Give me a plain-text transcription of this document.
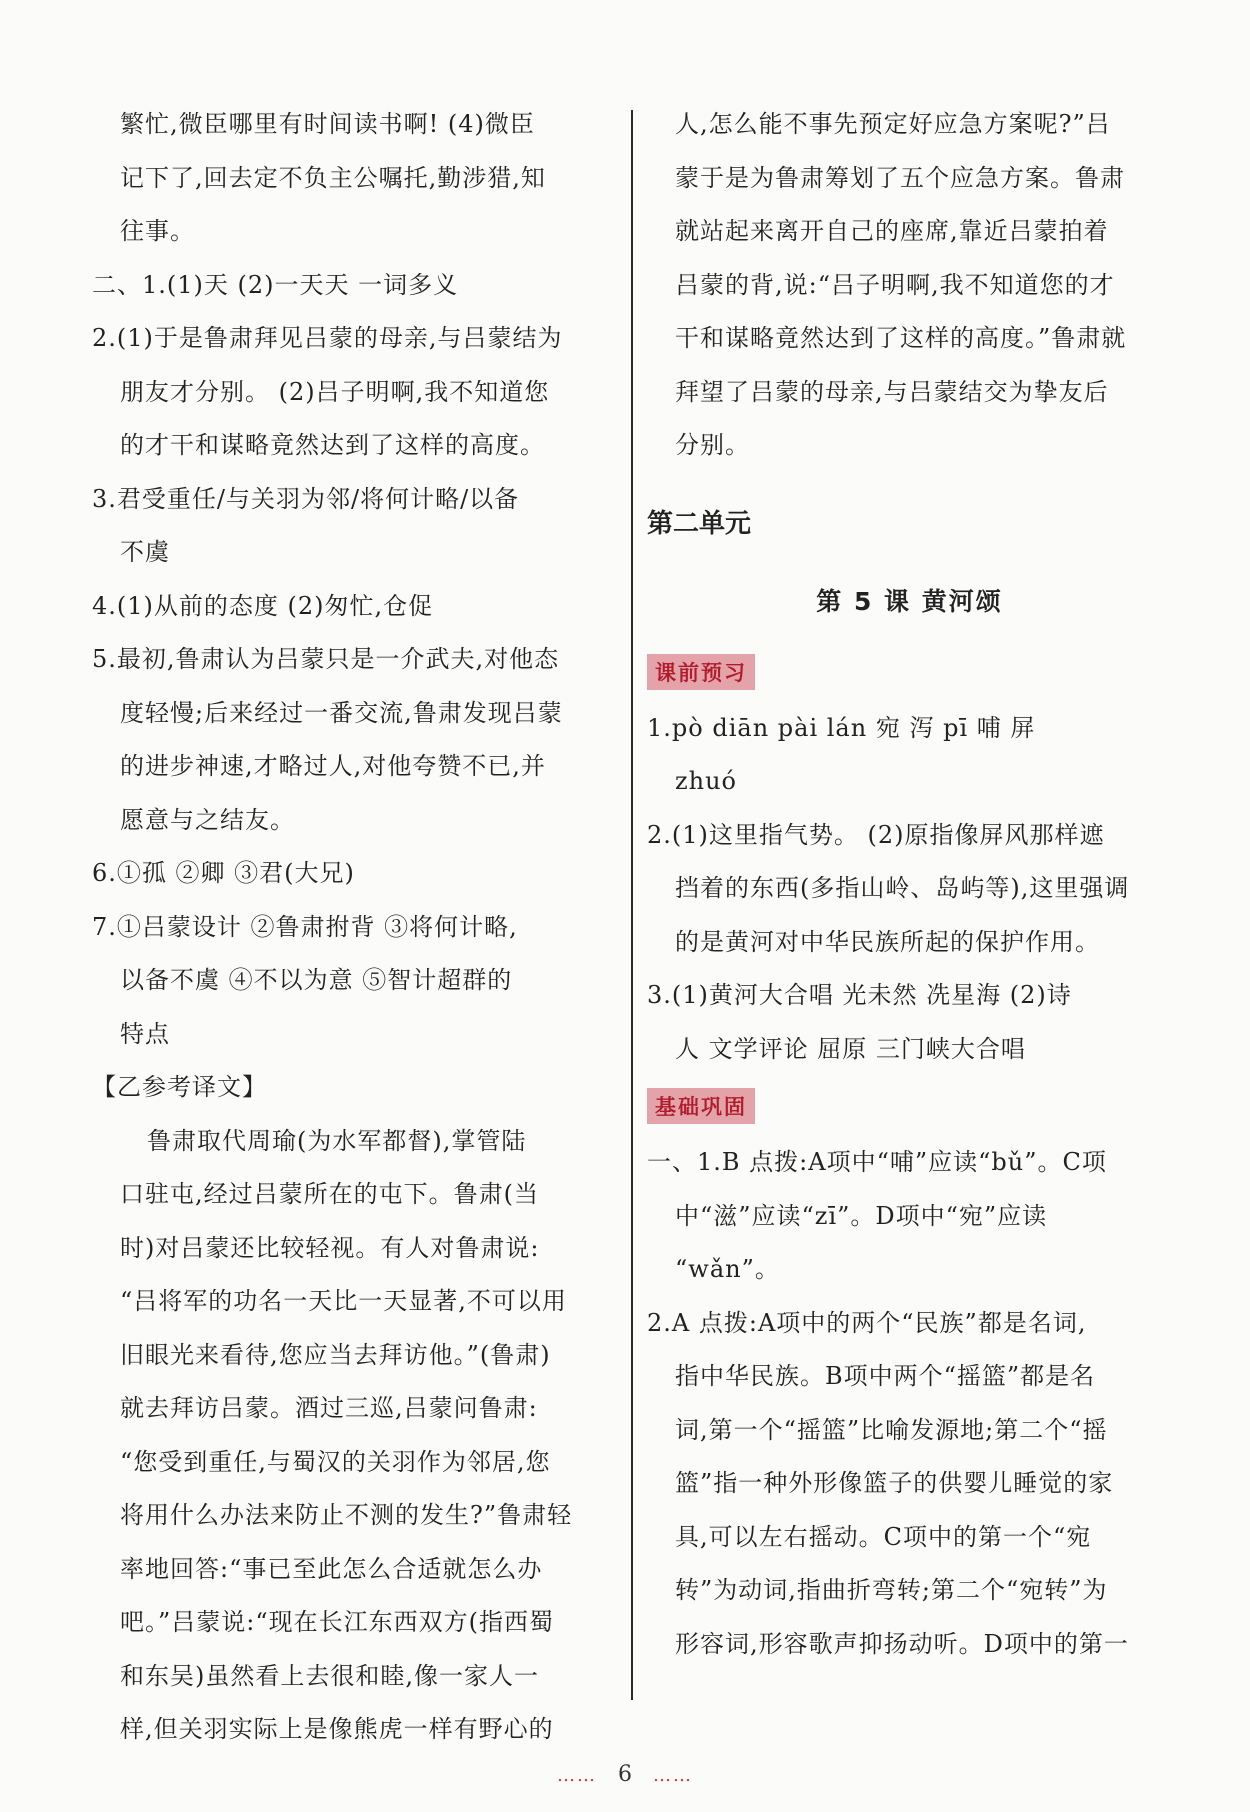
繁忙,微臣哪里有时间读书啊! (4)微臣
记下了,回去定不负主公嘱托,勤涉猎,知
往事。
二、1.(1)天 (2)一天天 一词多义
2.(1)于是鲁肃拜见吕蒙的母亲,与吕蒙结为
朋友才分别。 (2)吕子明啊,我不知道您
的才干和谋略竟然达到了这样的高度。
3.君受重任/与关羽为邻/将何计略/以备
不虞
4.(1)从前的态度 (2)匆忙,仓促
5.最初,鲁肃认为吕蒙只是一介武夫,对他态
度轻慢;后来经过一番交流,鲁肃发现吕蒙
的进步神速,才略过人,对他夸赞不已,并
愿意与之结友。
6.①孤 ②卿 ③君(大兄)
7.①吕蒙设计 ②鲁肃拊背 ③将何计略,
以备不虞 ④不以为意 ⑤智计超群的
特点
【乙参考译文】
鲁肃取代周瑜(为水军都督),掌管陆
口驻屯,经过吕蒙所在的屯下。鲁肃(当
时)对吕蒙还比较轻视。有人对鲁肃说:
“吕将军的功名一天比一天显著,不可以用
旧眼光来看待,您应当去拜访他。”(鲁肃)
就去拜访吕蒙。酒过三巡,吕蒙问鲁肃:
“您受到重任,与蜀汉的关羽作为邻居,您
将用什么办法来防止不测的发生?”鲁肃轻
率地回答:“事已至此怎么合适就怎么办
吧。”吕蒙说:“现在长江东西双方(指西蜀
和东吴)虽然看上去很和睦,像一家人一
样,但关羽实际上是像熊虎一样有野心的
人,怎么能不事先预定好应急方案呢?”吕
蒙于是为鲁肃筹划了五个应急方案。鲁肃
就站起来离开自己的座席,靠近吕蒙拍着
吕蒙的背,说:“吕子明啊,我不知道您的才
干和谋略竟然达到了这样的高度。”鲁肃就
拜望了吕蒙的母亲,与吕蒙结交为挚友后
分别。
第二单元
第 5 课 黄河颂
课前预习
1.pò diān pài lán 宛 泻 pī 哺 屏
zhuó
2.(1)这里指气势。 (2)原指像屏风那样遮
挡着的东西(多指山岭、岛屿等),这里强调
的是黄河对中华民族所起的保护作用。
3.(1)黄河大合唱 光未然 冼星海 (2)诗
人 文学评论 屈原 三门峡大合唱
基础巩固
一、1.B 点拨:A项中“哺”应读“bǔ”。C项
中“滋”应读“zī”。D项中“宛”应读
“wǎn”。
2.A 点拨:A项中的两个“民族”都是名词,
指中华民族。B项中两个“摇篮”都是名
词,第一个“摇篮”比喻发源地;第二个“摇
篮”指一种外形像篮子的供婴儿睡觉的家
具,可以左右摇动。C项中的第一个“宛
转”为动词,指曲折弯转;第二个“宛转”为
形容词,形容歌声抑扬动听。D项中的第一
…… 6 ……
